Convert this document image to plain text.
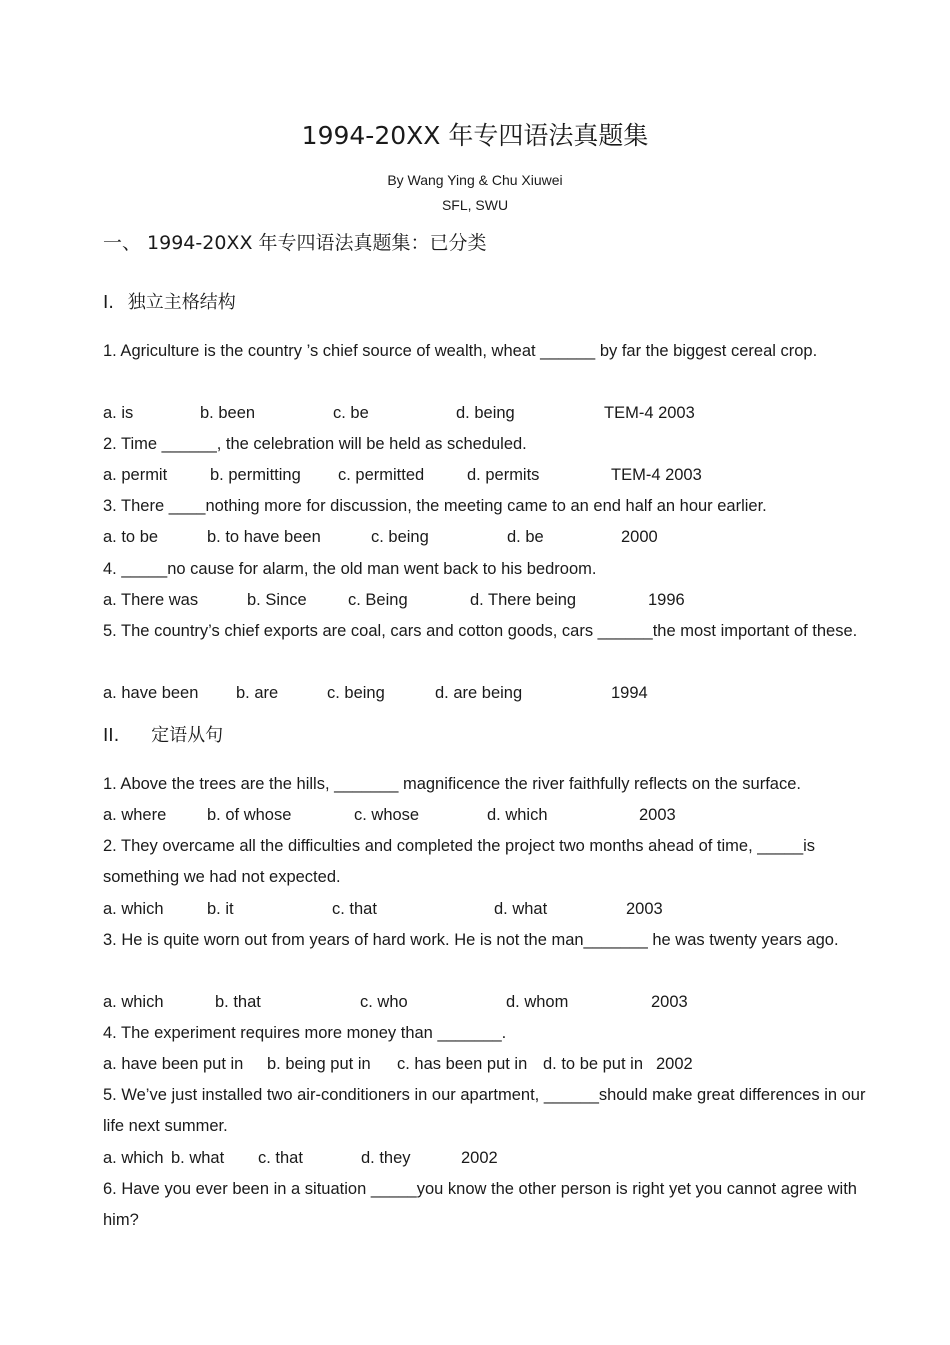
1994-20XX 年专四语法真题集
By Wang Ying & Chu Xiuwei
SFL, SWU
一、 1994-20XX 年专四语法真题集：已分类
I. 独立主格结构

1. Agriculture is the country ’s chief source of wealth, wheat ______ by far the biggest cereal crop.

a. is	b. been	c. be	d. being	TEM-4 2003

2. Time ______, the celebration will be held as scheduled.

a. permit	b. permitting c. permitted	d. permits	TEM-4 2003

3. There ____nothing more for discussion, the meeting came to an end half an hour earlier.

a. to be	b. to have been	c. being	d. be	2000

4. _____no cause for alarm, the old man went back to his bedroom.

a. There was	b. Since	c. Being	d. There being	1996

5. The country’s chief exports are coal, cars and cotton goods, cars ______the most important of these.

a. have been b. are	c. being	d. are being	1994
II. 定语从句

1. Above the trees are the hills, _______ magnificence the river faithfully reflects on the surface.

a. where b. of whose	c. whose	d. which	2003

2. They overcame all the difficulties and completed the project two months ahead of time, _____is something we had not expected.

a. which	b. it	c. that	d. what	2003

3. He is quite worn out from years of hard work. He is not the man_______ he was twenty years ago.

a. which	b. that	c. who	d. whom	2003

4. The experiment requires more money than _______.

a. have been put in b. being put in c. has been put in d. to be put in 2002

5. We’ve just installed two air-conditioners in our apartment, ______should make great differences in our life next summer.

a. which b. what c. that	d. they	2002

6. Have you ever been in a situation _____you know the other person is right yet you cannot agree with him?
